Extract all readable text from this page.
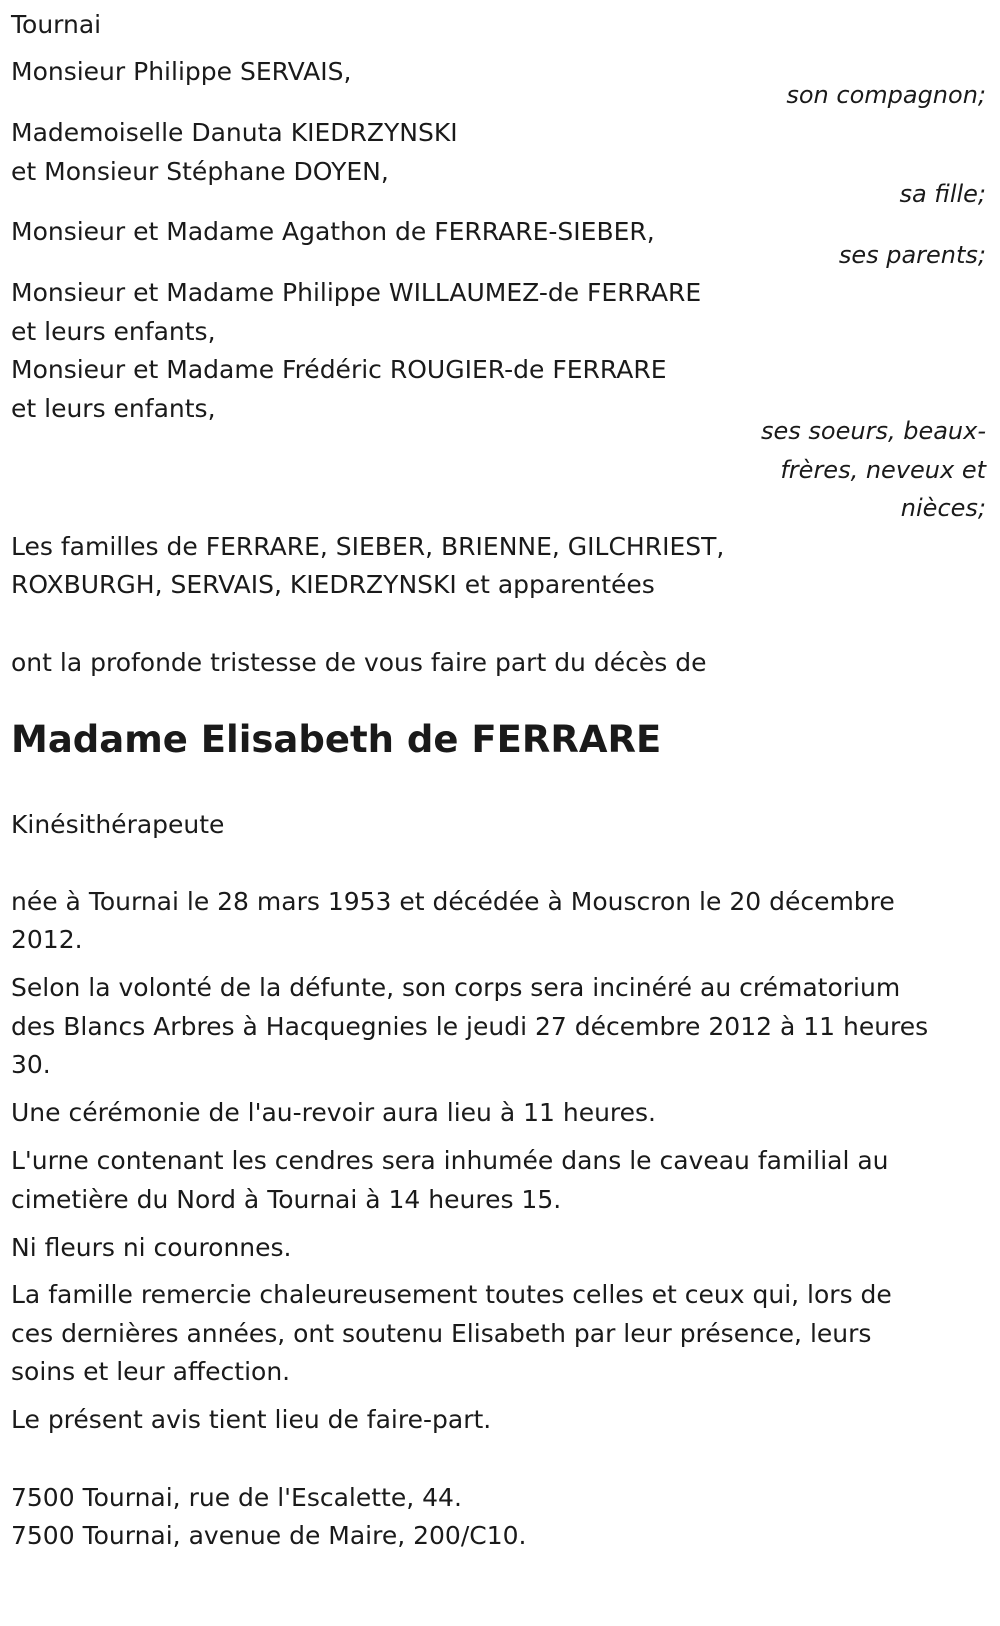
Tournai
Monsieur Philippe SERVAIS,
son compagnon;
Mademoiselle Danuta KIEDRZYNSKI
et Monsieur Stéphane DOYEN,
sa fille;
Monsieur et Madame Agathon de FERRARE-SIEBER,
ses parents;
Monsieur et Madame Philippe WILLAUMEZ-de FERRARE
et leurs enfants,
Monsieur et Madame Frédéric ROUGIER-de FERRARE
et leurs enfants,
ses soeurs, beaux-
frères, neveux et
nièces;
Les familles de FERRARE, SIEBER, BRIENNE, GILCHRIEST,
ROXBURGH, SERVAIS, KIEDRZYNSKI et apparentées
ont la profonde tristesse de vous faire part du décès de
Madame Elisabeth de FERRARE
Kinésithérapeute
née à Tournai le 28 mars 1953 et décédée à Mouscron le 20 décembre
2012.
Selon la volonté de la défunte, son corps sera incinéré au crématorium
des Blancs Arbres à Hacquegnies le jeudi 27 décembre 2012 à 11 heures
30.
Une cérémonie de l'au-revoir aura lieu à 11 heures.
L'urne contenant les cendres sera inhumée dans le caveau familial au
cimetière du Nord à Tournai à 14 heures 15.
Ni fleurs ni couronnes.
La famille remercie chaleureusement toutes celles et ceux qui, lors de
ces dernières années, ont soutenu Elisabeth par leur présence, leurs
soins et leur affection.
Le présent avis tient lieu de faire-part.
7500 Tournai, rue de l'Escalette, 44.
7500 Tournai, avenue de Maire, 200/C10.
